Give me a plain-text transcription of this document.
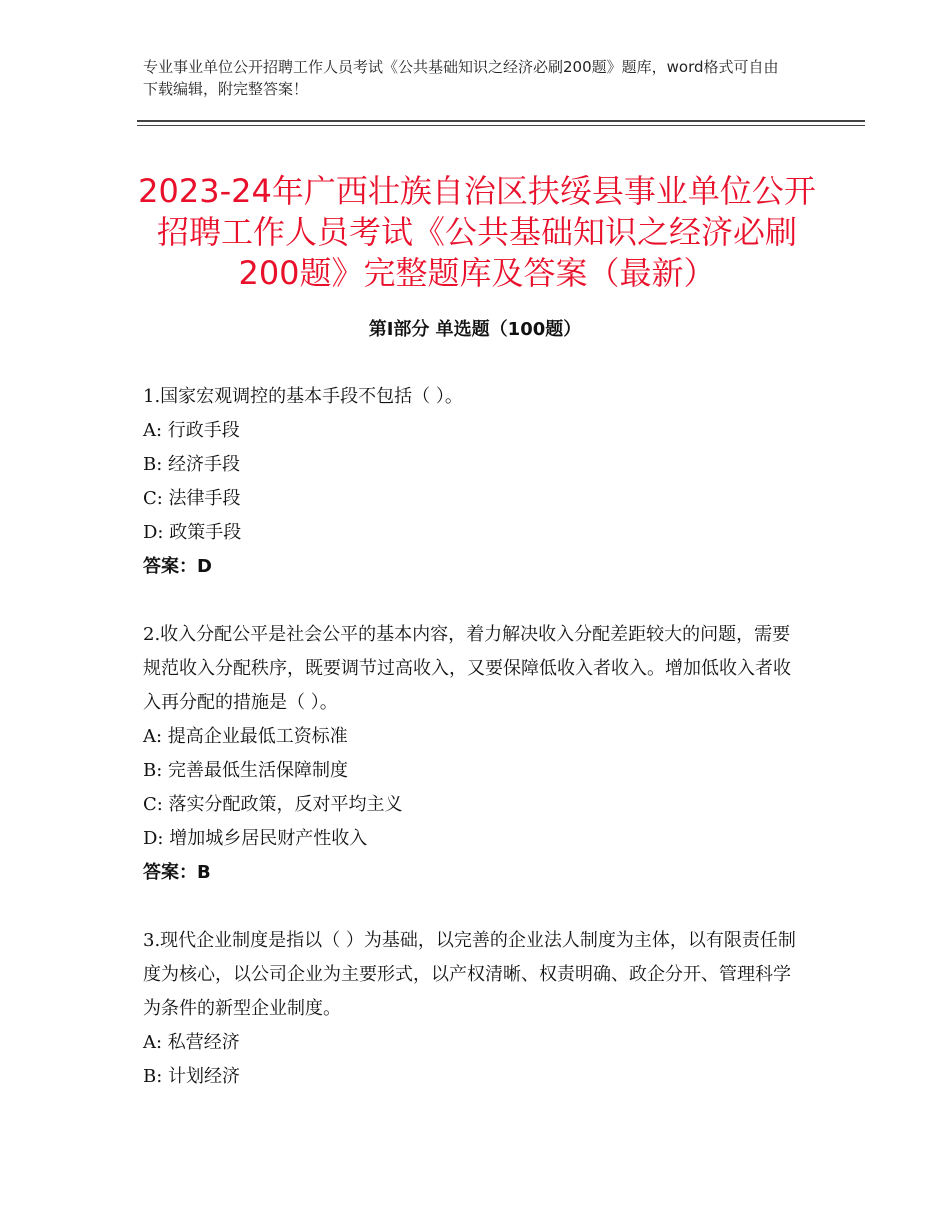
专业事业单位公开招聘工作人员考试《公共基础知识之经济必刷200题》题库，word格式可自由下载编辑，附完整答案！
2023-24年广西壮族自治区扶绥县事业单位公开招聘工作人员考试《公共基础知识之经济必刷200题》完整题库及答案（最新）
第Ⅰ部分 单选题（100题）

1.国家宏观调控的基本手段不包括（ ）。

A: 行政手段

B: 经济手段

C: 法律手段

D: 政策手段

答案：D

2.收入分配公平是社会公平的基本内容，着力解决收入分配差距较大的问题，需要规范收入分配秩序，既要调节过高收入，又要保障低收入者收入。增加低收入者收入再分配的措施是（ ）。

A: 提高企业最低工资标准

B: 完善最低生活保障制度

C: 落实分配政策，反对平均主义

D: 增加城乡居民财产性收入

答案：B

3.现代企业制度是指以（ ）为基础，以完善的企业法人制度为主体，以有限责任制度为核心，以公司企业为主要形式，以产权清晰、权责明确、政企分开、管理科学为条件的新型企业制度。

A: 私营经济

B: 计划经济
